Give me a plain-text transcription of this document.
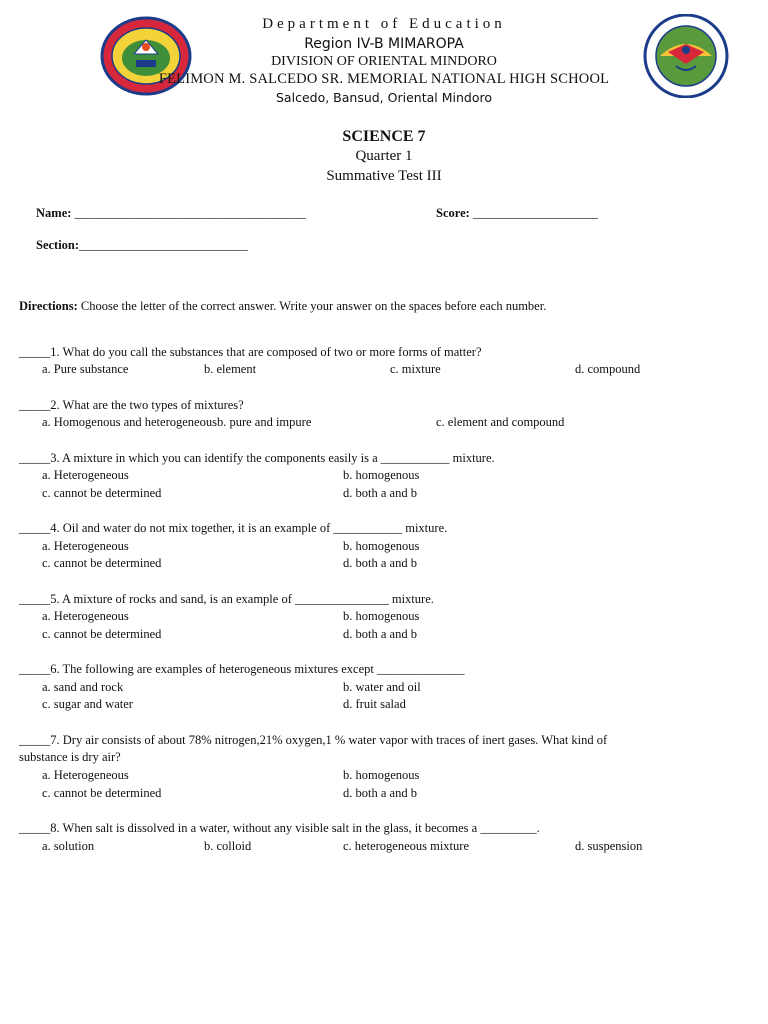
Department of Education
Region IV-B MIMAROPA
DIVISION OF ORIENTAL MINDORO
FELIMON M. SALCEDO SR. MEMORIAL NATIONAL HIGH SCHOOL
Salcedo, Bansud, Oriental Mindoro
SCIENCE 7
Quarter 1
Summative Test III
Name: _____________________________________	Score: ____________________
Section:___________________________
Directions: Choose the letter of the correct answer. Write your answer on the spaces before each number.
_____1. What do you call the substances that are composed of two or more forms of matter?
a. Pure substance	b. element	c. mixture	d. compound
_____2. What are the two types of mixtures?
a. Homogenous and heterogeneousb. pure and impure	c. element and compound
_____3. A mixture in which you can identify the components easily is a ___________ mixture.
a. Heterogeneous	b. homogenous
c. cannot be determined	d. both a and b
_____4. Oil and water do not mix together, it is an example of ___________ mixture.
a. Heterogeneous	b. homogenous
c. cannot be determined	d. both a and b
_____5. A mixture of rocks and sand, is an example of _______________ mixture.
a. Heterogeneous	b. homogenous
c. cannot be determined	d. both a and b
_____6. The following are examples of heterogeneous mixtures except ______________
a. sand and rock	b. water and oil
c. sugar and water	d. fruit salad
_____7. Dry air consists of about 78% nitrogen,21% oxygen,1 % water vapor with traces of inert gases. What kind of
substance is dry air?
a. Heterogeneous	b. homogenous
c. cannot be determined	d. both a and b
_____8. When salt is dissolved in a water, without any visible salt in the glass, it becomes a _________.
a. solution	b. colloid	c. heterogeneous mixture	d. suspension
